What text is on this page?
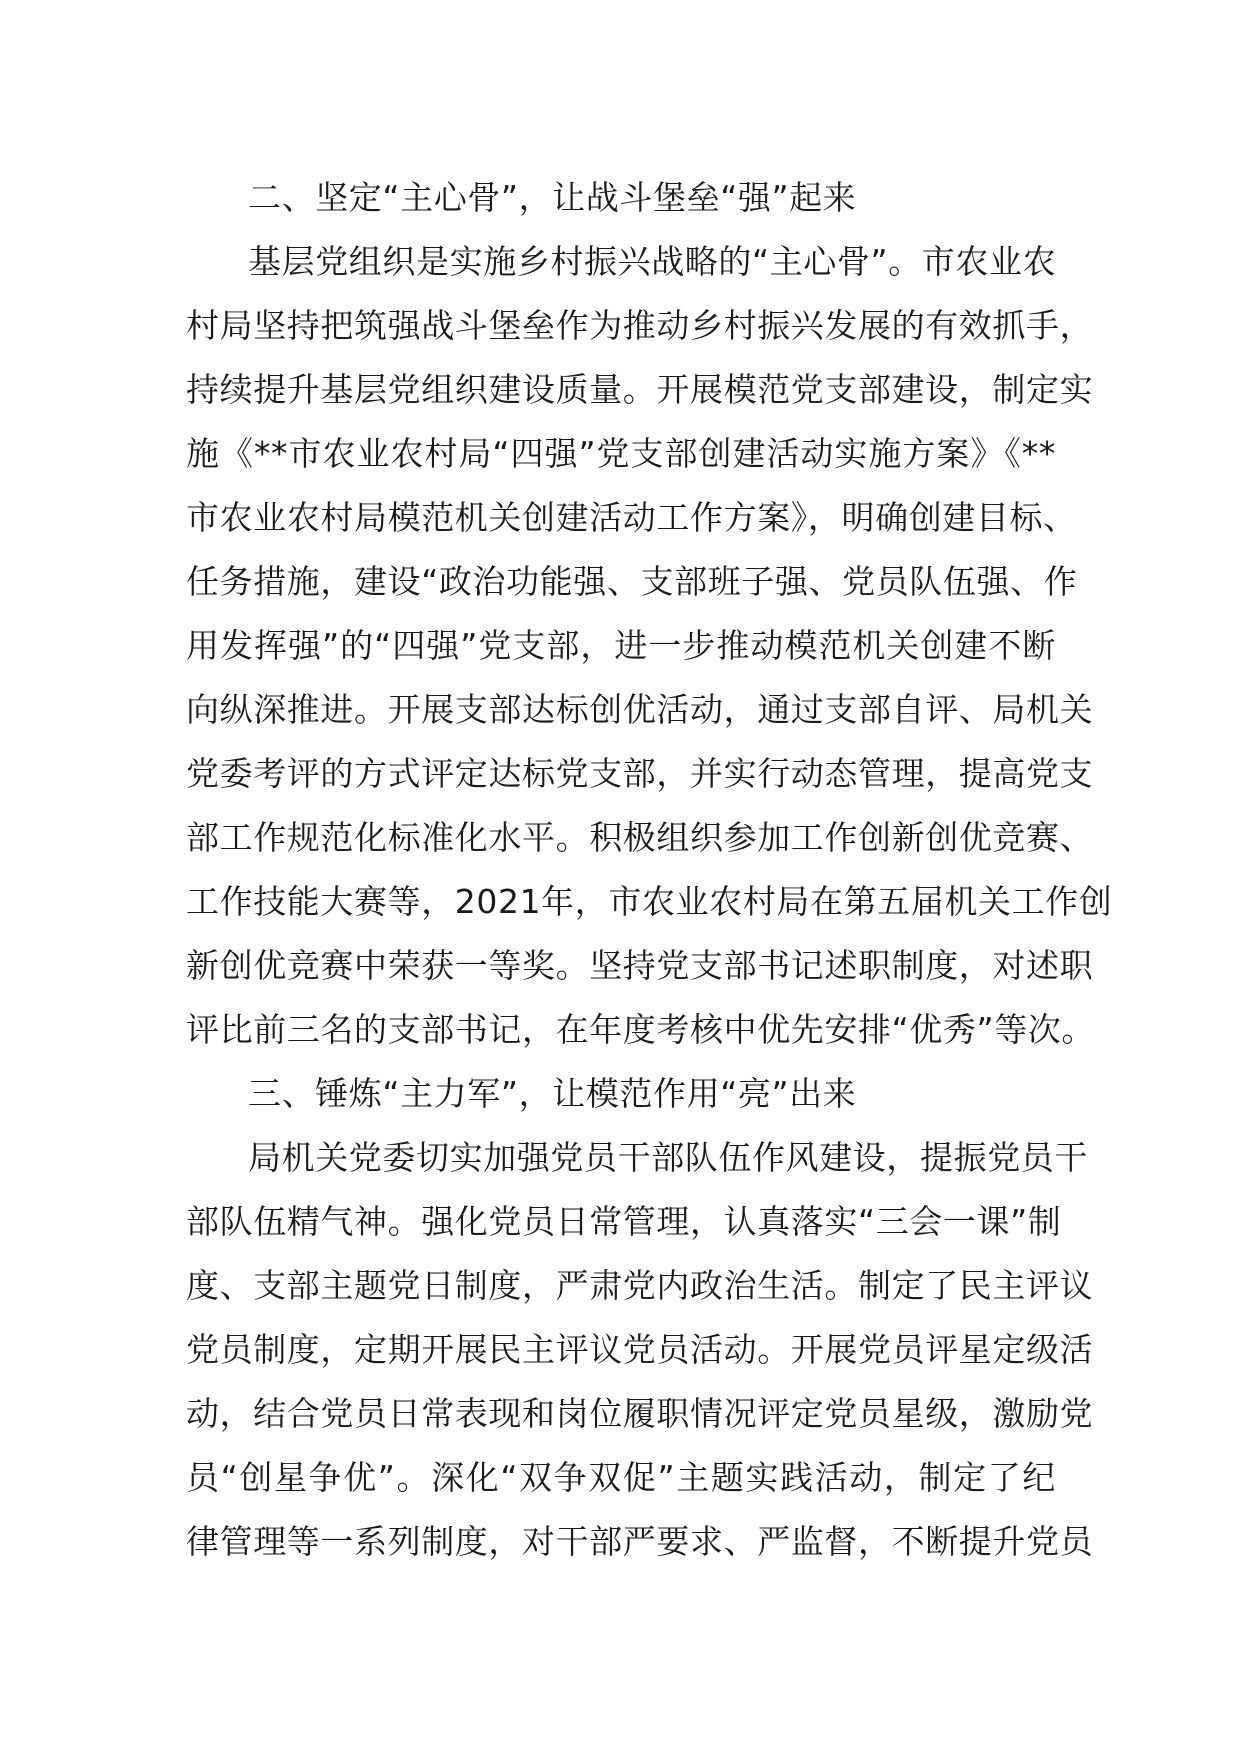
二、坚定“主心骨”，让战斗堡垒“强”起来
基层党组织是实施乡村振兴战略的“主心骨”。市农业农
村局坚持把筑强战斗堡垒作为推动乡村振兴发展的有效抓手，
持续提升基层党组织建设质量。开展模范党支部建设，制定实
施《**市农业农村局“四强”党支部创建活动实施方案》《**
市农业农村局模范机关创建活动工作方案》，明确创建目标、
任务措施，建设“政治功能强、支部班子强、党员队伍强、作
用发挥强”的“四强”党支部，进一步推动模范机关创建不断
向纵深推进。开展支部达标创优活动，通过支部自评、局机关
党委考评的方式评定达标党支部，并实行动态管理，提高党支
部工作规范化标准化水平。积极组织参加工作创新创优竞赛、
工作技能大赛等，2021年，市农业农村局在第五届机关工作创
新创优竞赛中荣获一等奖。坚持党支部书记述职制度，对述职
评比前三名的支部书记，在年度考核中优先安排“优秀”等次。
三、锤炼“主力军”，让模范作用“亮”出来
局机关党委切实加强党员干部队伍作风建设，提振党员干
部队伍精气神。强化党员日常管理，认真落实“三会一课”制
度、支部主题党日制度，严肃党内政治生活。制定了民主评议
党员制度，定期开展民主评议党员活动。开展党员评星定级活
动，结合党员日常表现和岗位履职情况评定党员星级，激励党
员“创星争优”。深化“双争双促”主题实践活动，制定了纪
律管理等一系列制度，对干部严要求、严监督，不断提升党员
